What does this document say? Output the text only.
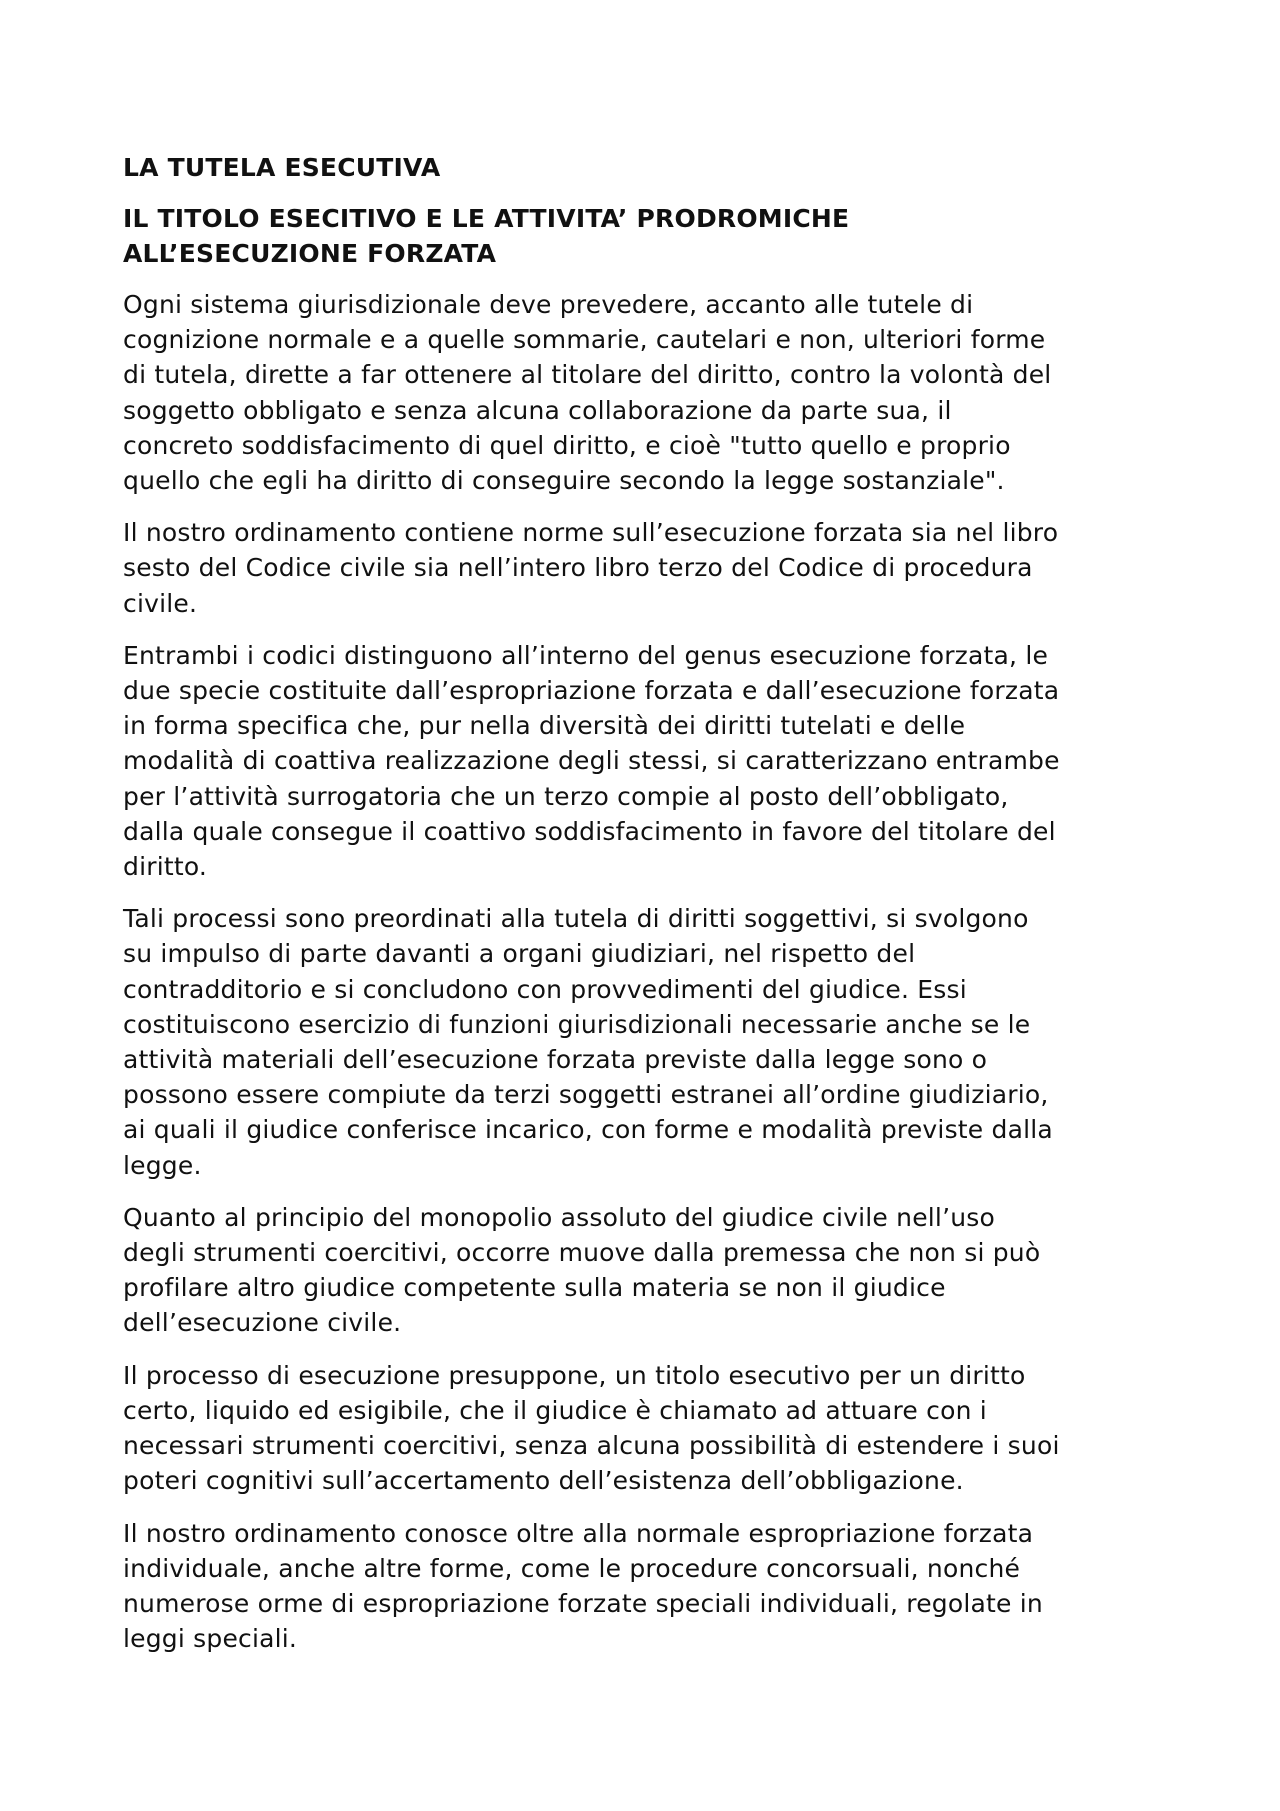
LA TUTELA ESECUTIVA
IL TITOLO ESECITIVO E LE ATTIVITA’ PRODROMICHE
ALL’ESECUZIONE FORZATA

Ogni sistema giurisdizionale deve prevedere, accanto alle tutele di
cognizione normale e a quelle sommarie, cautelari e non, ulteriori forme
di tutela, dirette a far ottenere al titolare del diritto, contro la volontà del
soggetto obbligato e senza alcuna collaborazione da parte sua, il
concreto soddisfacimento di quel diritto, e cioè "tutto quello e proprio
quello che egli ha diritto di conseguire secondo la legge sostanziale".

Il nostro ordinamento contiene norme sull’esecuzione forzata sia nel libro
sesto del Codice civile sia nell’intero libro terzo del Codice di procedura
civile.

Entrambi i codici distinguono all’interno del genus esecuzione forzata, le
due specie costituite dall’espropriazione forzata e dall’esecuzione forzata
in forma specifica che, pur nella diversità dei diritti tutelati e delle
modalità di coattiva realizzazione degli stessi, si caratterizzano entrambe
per l’attività surrogatoria che un terzo compie al posto dell’obbligato,
dalla quale consegue il coattivo soddisfacimento in favore del titolare del
diritto.

Tali processi sono preordinati alla tutela di diritti soggettivi, si svolgono
su impulso di parte davanti a organi giudiziari, nel rispetto del
contradditorio e si concludono con provvedimenti del giudice. Essi
costituiscono esercizio di funzioni giurisdizionali necessarie anche se le
attività materiali dell’esecuzione forzata previste dalla legge sono o
possono essere compiute da terzi soggetti estranei all’ordine giudiziario,
ai quali il giudice conferisce incarico, con forme e modalità previste dalla
legge.

Quanto al principio del monopolio assoluto del giudice civile nell’uso
degli strumenti coercitivi, occorre muove dalla premessa che non si può
profilare altro giudice competente sulla materia se non il giudice
dell’esecuzione civile.

Il processo di esecuzione presuppone, un titolo esecutivo per un diritto
certo, liquido ed esigibile, che il giudice è chiamato ad attuare con i
necessari strumenti coercitivi, senza alcuna possibilità di estendere i suoi
poteri cognitivi sull’accertamento dell’esistenza dell’obbligazione.

Il nostro ordinamento conosce oltre alla normale espropriazione forzata
individuale, anche altre forme, come le procedure concorsuali, nonché
numerose orme di espropriazione forzate speciali individuali, regolate in
leggi speciali.
